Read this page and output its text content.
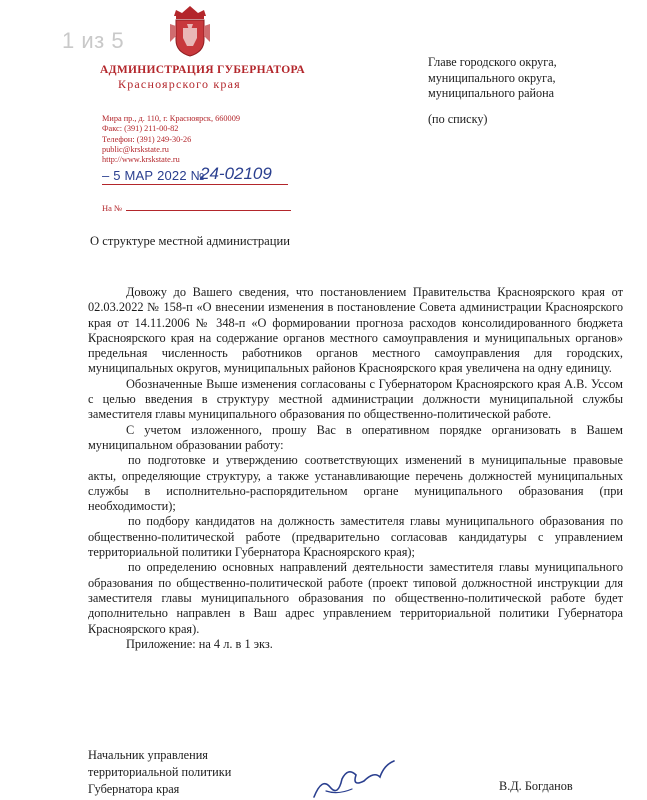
1 из 5
АДМИНИСТРАЦИЯ ГУБЕРНАТОРА
Красноярского края
Мира пр., д. 110, г. Красноярск, 660009
Факс: (391) 211-00-82
Телефон: (391) 249-30-26
public@krskstate.ru
http://www.krskstate.ru
– 5 МАР 2022 №
24-02109
На №
Главе городского округа,
муниципального округа,
муниципального района
(по списку)
О структуре местной администрации

Довожу до Вашего сведения, что постановлением Правительства Красноярского края от 02.03.2022 № 158-п «О внесении изменения в постановление Совета администрации Красноярского края от 14.11.2006 № 348-п «О формировании прогноза расходов консолидированного бюджета Красноярского края на содержание органов местного самоуправления и муниципальных органов» предельная численность работников органов местного самоуправления для городских, муниципальных округов, муниципальных районов Красноярского края увеличена на одну единицу.

Обозначенные Выше изменения согласованы с Губернатором Красноярского края А.В. Уссом с целью введения в структуру местной администрации должности муниципальной службы заместителя главы муниципального образования по общественно-политической работе.

С учетом изложенного, прошу Вас в оперативном порядке организовать в Вашем муниципальном образовании работу:

по подготовке и утверждению соответствующих изменений в муниципальные правовые акты, определяющие структуру, а также устанавливающие перечень должностей муниципальных службы в исполнительно-распорядительном органе муниципального образования (при необходимости);

по подбору кандидатов на должность заместителя главы муниципального образования по общественно-политической работе (предварительно согласовав кандидатуры с управлением территориальной политики Губернатора Красноярского края);

по определению основных направлений деятельности заместителя главы муниципального образования по общественно-политической работе (проект типовой должностной инструкции для заместителя главы муниципального образования по общественно-политической работе будет дополнительно направлен в Ваш адрес управлением территориальной политики Губернатора Красноярского края).

Приложение: на 4 л. в 1 экз.

Начальник управления
территориальной политики
Губернатора края	В.Д. Богданов
